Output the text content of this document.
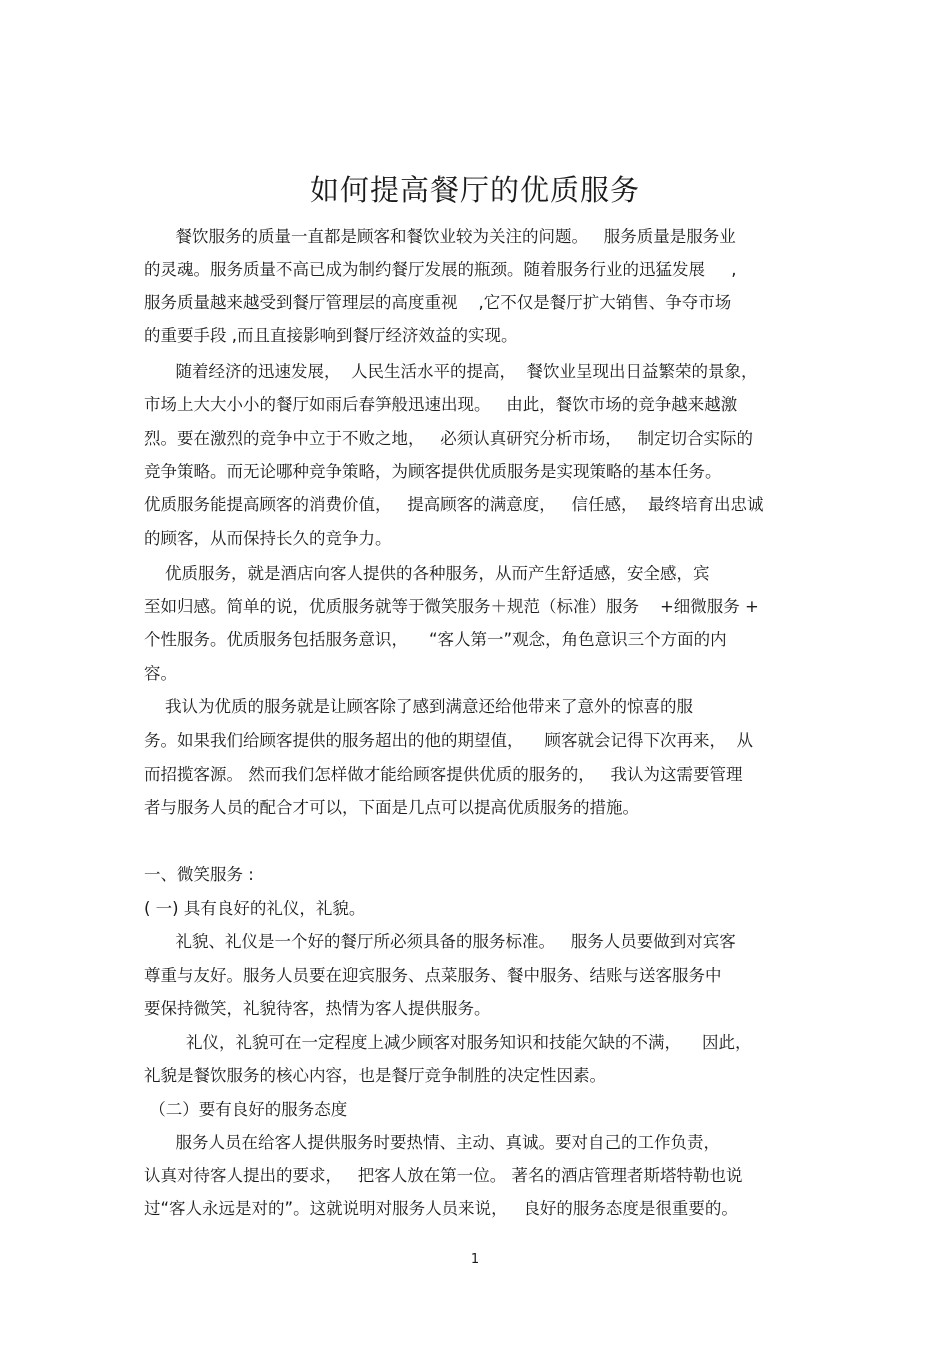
如何提高餐厅的优质服务

餐饮服务的质量一直都是顾客和餐饮业较为关注的问题。   服务质量是服务业

的灵魂。服务质量不高已成为制约餐厅发展的瓶颈。随着服务行业的迅猛发展     ,

服务质量越来越受到餐厅管理层的高度重视    ,它不仅是餐厅扩大销售、争夺市场

的重要手段 ,而且直接影响到餐厅经济效益的实现。

随着经济的迅速发展，  人民生活水平的提高，  餐饮业呈现出日益繁荣的景象，

市场上大大小小的餐厅如雨后春笋般迅速出现。   由此，餐饮市场的竞争越来越激

烈。要在激烈的竞争中立于不败之地，   必须认真研究分析市场，   制定切合实际的

竞争策略。而无论哪种竞争策略，为顾客提供优质服务是实现策略的基本任务。

优质服务能提高顾客的消费价值，   提高顾客的满意度，   信任感，  最终培育出忠诚

的顾客，从而保持长久的竞争力。

优质服务，就是酒店向客人提供的各种服务，从而产生舒适感，安全感，宾

至如归感。简单的说，优质服务就等于微笑服务＋规范（标准）服务    +细微服务 +

个性服务。优质服务包括服务意识，    “客人第一”观念，角色意识三个方面的内

容。

我认为优质的服务就是让顾客除了感到满意还给他带来了意外的惊喜的服

务。如果我们给顾客提供的服务超出的他的期望值，    顾客就会记得下次再来，  从

而招揽客源。 然而我们怎样做才能给顾客提供优质的服务的，   我认为这需要管理

者与服务人员的配合才可以，下面是几点可以提高优质服务的措施。

一、微笑服务 :

( 一) 具有良好的礼仪，礼貌。

礼貌、礼仪是一个好的餐厅所必须具备的服务标准。   服务人员要做到对宾客

尊重与友好。服务人员要在迎宾服务、点菜服务、餐中服务、结账与送客服务中

要保持微笑，礼貌待客，热情为客人提供服务。

礼仪，礼貌可在一定程度上减少顾客对服务知识和技能欠缺的不满，    因此，

礼貌是餐饮服务的核心内容，也是餐厅竞争制胜的决定性因素。

（二）要有良好的服务态度

服务人员在给客人提供服务时要热情、主动、真诚。要对自己的工作负责，

认真对待客人提出的要求，   把客人放在第一位。 著名的酒店管理者斯塔特勒也说

过“客人永远是对的”。这就说明对服务人员来说，   良好的服务态度是很重要的。

1
